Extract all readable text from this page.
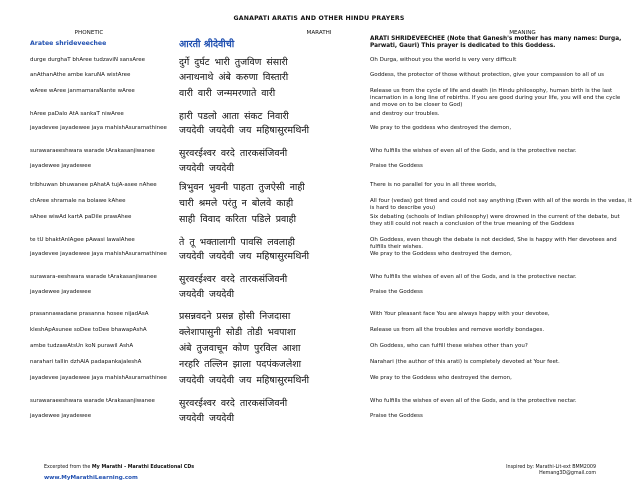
GANAPATI ARATIS AND OTHER HINDU PRAYERS
PHONETIC	MARATHI	MEANING
Aratee shrideveechee	आरती श्रीदेवीची	ARATI SHRIDEVEECHEE (Note that Ganesh's mother has many names: Durga, Parwati, Gauri) This prayer is dedicated to this Goddess.
durge durghaT bhAree tudzaviN sansAree	दुर्गे दुर्घट भारी तुजविण संसारी	Oh Durga, without you the world is very very difficult
anAthanAthe ambe karuNA wistAree	अनाथनाथे अंबे करुणा विस्तारी	Goddess, the protector of those without protection, give your compassion to all of us
wAree wAree janmamaraNante wAree	वारी वारी जन्ममरणाते वारी	Release us from the cycle of life and death (in Hindu philosophy, human birth is the last incarnation in a long line of rebirths. If you are good during your life, you will end the cycle and move on to be closer to God)
hAree paDalo AtA sankaT niwAree	हारी पडलो आता संकट निवारी	and destroy our troubles.
jayadevee jayadewee jaya mahishAsuramathinee	जयदेवी जयदेवी जय महिषासुरमथिनी	We pray to the goddess who destroyed the demon,
surawaraeeshwara warade tArakasanjiwanee	सुरवरईश्वर वरदे तारकसंजिवनी	Who fulfills the wishes of even all of the Gods, and is the protective nectar.
jayadewee jayadewee	जयदेवी जयदेवी	Praise the Goddess
tribhuwan bhuwanee pAhatA tujA-asee nAhee	त्रिभुवन भुवनी पाहता तुजऐसी नाही	There is no parallel for you in all three worlds,
chAree shramale na bolawe kAhee	चारी श्रमले परंतु न बोलवे काही	All four (vedas) got tired and could not say anything (Even with all of the words in the vedas, it is hard to describe you)
sAhee wiwAd kartA paDile prawAhee	साही विवाद करिता पडिले प्रवाही	Six debating (schools of Indian philosophy) were drowned in the current of the debate, but they still could not reach a conclusion of the true meaning of the Goddess
te tU bhaktAnlAgee pAwasi lawalAhee	ते तू भक्तालागी पावसि लवलाही	Oh Goddess, even though the debate is not decided, She is happy with Her devotees and fulfills their wishes.
jayadevee jayadewee jaya mahishAsuramathinee	जयदेवी जयदेवी जय महिषासुरमथिनी	We pray to the Goddess who destroyed the demon,
surawara-eeshwara warade tArakasanjiwanee	सुरवरईश्वर वरदे तारकसंजिवनी	Who fulfills the wishes of even all of the Gods, and is the protective nectar.
jayadewee jayadewee	जयदेवी जयदेवी	Praise the Goddess
prasannawadane prasanna hosee nijadAsA	प्रसन्नवदने प्रसन्न होसी निजदासा	With Your pleasant face You are always happy with your devotee,
kleshApAsunee soDee toDee bhawapAshA	क्लेशापासुनी सोडी तोडी भवपाशा	Release us from all the troubles and remove worldly bondages.
ambe tudzawAtsUn koN purawil AshA	अंबे तुजवाचून कोण पुरविल आशा	Oh Goddess, who can fulfill these wishes other than you?
narahari tallin dzhAlA padapankajaleshA	नरहरि तल्लिन झाला पदपंकजलेशा	Narahari (the author of this arati) is completely devoted at Your feet.
jayadevee jayadewee jaya mahishAsuramathinee	जयदेवी जयदेवी जय महिषासुरमथिनी	We pray to the Goddess who destroyed the demon,
surawaraeeshwara warade tArakasanjiwanee	सुरवरईश्वर वरदे तारकसंजिवनी	Who fulfills the wishes of even all of the Gods, and is the protective nectar.
jayadewee jayadewee	जयदेवी जयदेवी	Praise the Goddess
Excerpted from the My Marathi - Marathi Educational CDs
www.MyMarathiLearning.com
Inspired by: Marathi-Lit-ext BMM2009
Hemang3D@gmail.com
